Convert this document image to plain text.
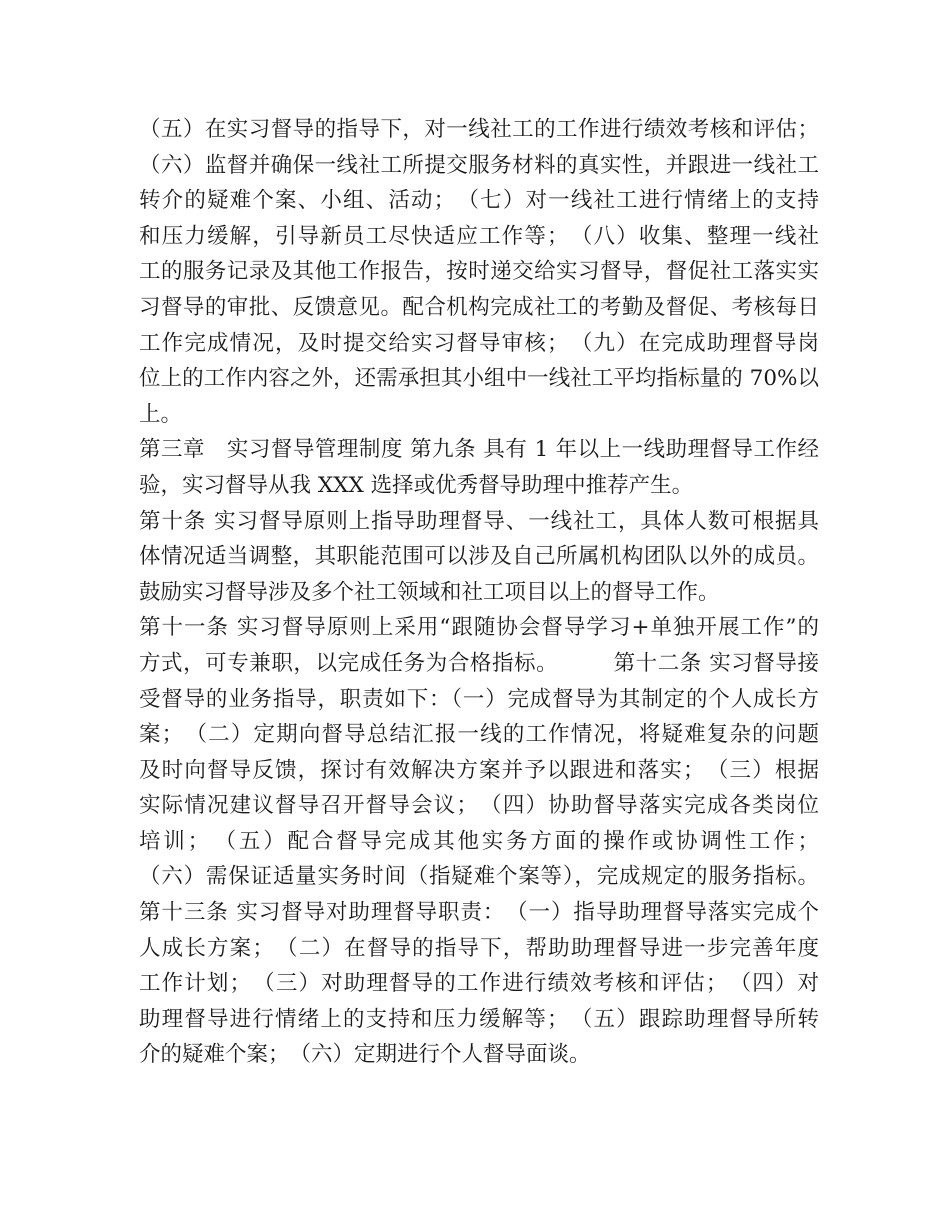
（五）在实习督导的指导下，对一线社工的工作进行绩效考核和评估；
（六）监督并确保一线社工所提交服务材料的真实性，并跟进一线社工
转介的疑难个案、小组、活动；　（七）对一线社工进行情绪上的支持
和压力缓解，引导新员工尽快适应工作等；　（八）收集、整理一线社
工的服务记录及其他工作报告，按时递交给实习督导，督促社工落实实
习督导的审批、反馈意见。配合机构完成社工的考勤及督促、考核每日
工作完成情况，及时提交给实习督导审核；　（九）在完成助理督导岗
位上的工作内容之外，还需承担其小组中一线社工平均指标量的 70%以
上。
第三章　实习督导管理制度 第九条 具有 1 年以上一线助理督导工作经
验，实习督导从我 XXX 选择或优秀督导助理中推荐产生。
第十条 实习督导原则上指导助理督导、一线社工，具体人数可根据具
体情况适当调整，其职能范围可以涉及自己所属机构团队以外的成员。
鼓励实习督导涉及多个社工领域和社工项目以上的督导工作。
第十一条 实习督导原则上采用“跟随协会督导学习+单独开展工作”的
方式，可专兼职，以完成任务为合格指标。　　　第十二条 实习督导接
受督导的业务指导，职责如下：（一）完成督导为其制定的个人成长方
案；　（二）定期向督导总结汇报一线的工作情况，将疑难复杂的问题
及时向督导反馈，探讨有效解决方案并予以跟进和落实；　（三）根据
实际情况建议督导召开督导会议；　（四）协助督导落实完成各类岗位
培训；　（五）配合督导完成其他实务方面的操作或协调性工作；
（六）需保证适量实务时间（指疑难个案等），完成规定的服务指标。
第十三条 实习督导对助理督导职责：　（一）指导助理督导落实完成个
人成长方案；　（二）在督导的指导下，帮助助理督导进一步完善年度
工作计划；　（三）对助理督导的工作进行绩效考核和评估；　（四）对
助理督导进行情绪上的支持和压力缓解等；　（五）跟踪助理督导所转
介的疑难个案；　（六）定期进行个人督导面谈。
